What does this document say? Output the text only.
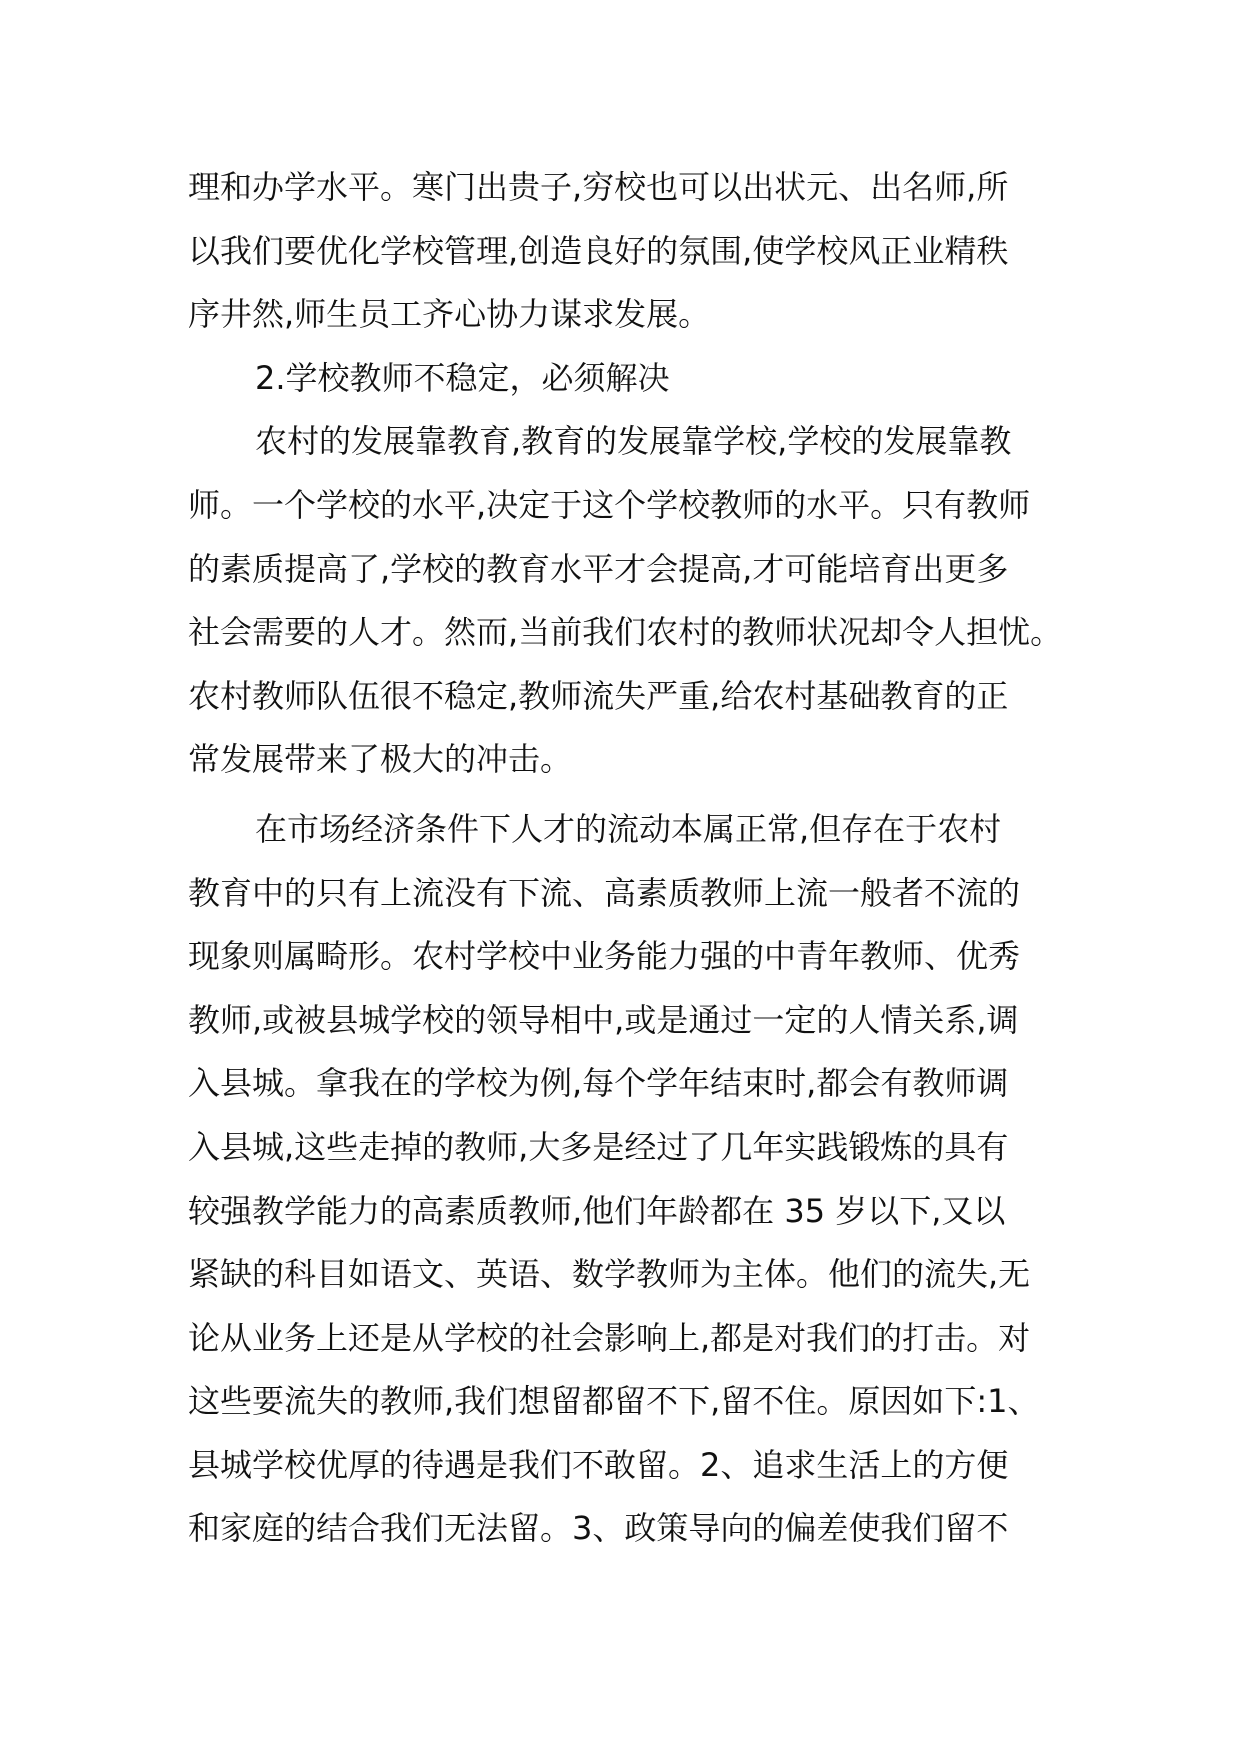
理和办学水平。寒门出贵子,穷校也可以出状元、出名师,所
以我们要优化学校管理,创造良好的氛围,使学校风正业精秩
序井然,师生员工齐心协力谋求发展。
2.学校教师不稳定，必须解决
农村的发展靠教育,教育的发展靠学校,学校的发展靠教
师。一个学校的水平,决定于这个学校教师的水平。只有教师
的素质提高了,学校的教育水平才会提高,才可能培育出更多
社会需要的人才。然而,当前我们农村的教师状况却令人担忧。
农村教师队伍很不稳定,教师流失严重,给农村基础教育的正
常发展带来了极大的冲击。
在市场经济条件下人才的流动本属正常,但存在于农村
教育中的只有上流没有下流、高素质教师上流一般者不流的
现象则属畸形。农村学校中业务能力强的中青年教师、优秀
教师,或被县城学校的领导相中,或是通过一定的人情关系,调
入县城。拿我在的学校为例,每个学年结束时,都会有教师调
入县城,这些走掉的教师,大多是经过了几年实践锻炼的具有
较强教学能力的高素质教师,他们年龄都在 35 岁以下,又以
紧缺的科目如语文、英语、数学教师为主体。他们的流失,无
论从业务上还是从学校的社会影响上,都是对我们的打击。对
这些要流失的教师,我们想留都留不下,留不住。原因如下:1、
县城学校优厚的待遇是我们不敢留。2、追求生活上的方便
和家庭的结合我们无法留。3、政策导向的偏差使我们留不
